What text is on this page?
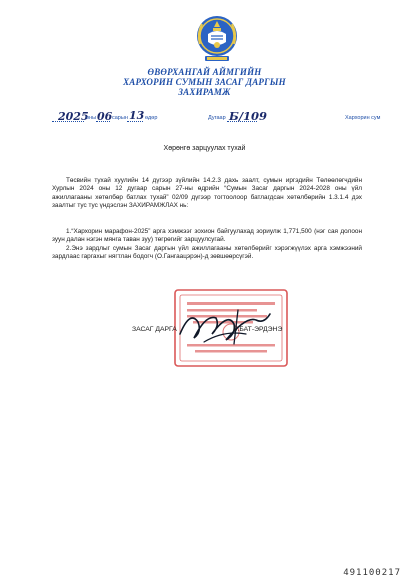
ӨВӨРХАНГАЙ АЙМГИЙН
ХАРХОРИН СУМЫН ЗАСАГ ДАРГЫН
ЗАХИРАМЖ
2025
оны 06 сарын 13 өдөр	Дугаар Б/109	Хархорин сум
Хөрөнгө зарцуулах тухай
Төсвийн тухай хуулийн 14 дүгээр зүйлийн 14.2.3 дахь заалт, сумын иргэдийн Төлөөлөгчдийн Хурлын 2024 оны 12 дугаар сарын 27-ны өдрийн “Сумын Засаг даргын 2024-2028 оны үйл ажиллагааны хөтөлбөр батлах тухай” 02/09 дүгээр тогтоолоор батлагдсан хөтөлбөрийн 1.3.1.4 дэх заалтыг тус тус үндэслэн ЗАХИРАМЖЛАХ нь:
1.“Хархорин марафон-2025” арга хэмжээг зохион байгуулахад зориулж 1,771,500 (нэг сая долоон зуун далан нэгэн мянга таван зуу) төгрөгийг зарцуулсугай.
2.Энэ зардлыг сумын Засаг даргын үйл ажиллагааны хөтөлбөрийг хэрэгжүүлэх арга хэмжээний зардлаас гаргахыг нягтлан бодогч (О.Гангаацэрэн)-д зөвшөөрсүгэй.
ЗАСАГ ДАРГА	Б.БАТ-ЭРДЭНЭ
491100217
